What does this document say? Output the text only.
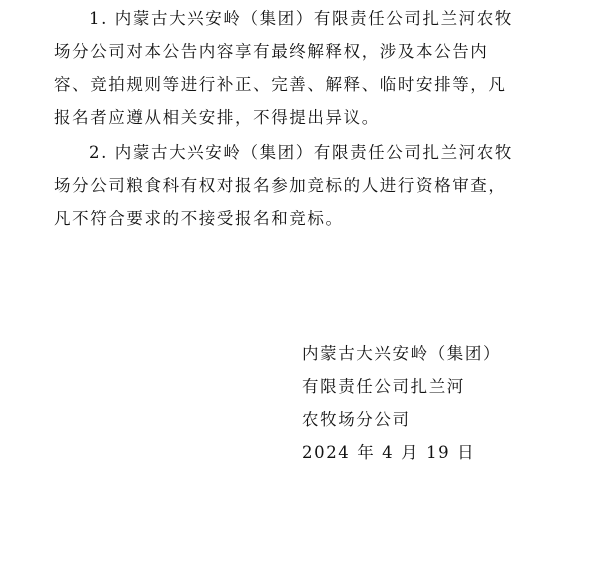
1. 内蒙古大兴安岭（集团）有限责任公司扎兰河农牧
场分公司对本公告内容享有最终解释权，涉及本公告内
容、竞拍规则等进行补正、完善、解释、临时安排等，凡
报名者应遵从相关安排，不得提出异议。
2. 内蒙古大兴安岭（集团）有限责任公司扎兰河农牧
场分公司粮食科有权对报名参加竞标的人进行资格审查，
凡不符合要求的不接受报名和竞标。
内蒙古大兴安岭（集团）
有限责任公司扎兰河
农牧场分公司
2024 年 4 月 19 日
